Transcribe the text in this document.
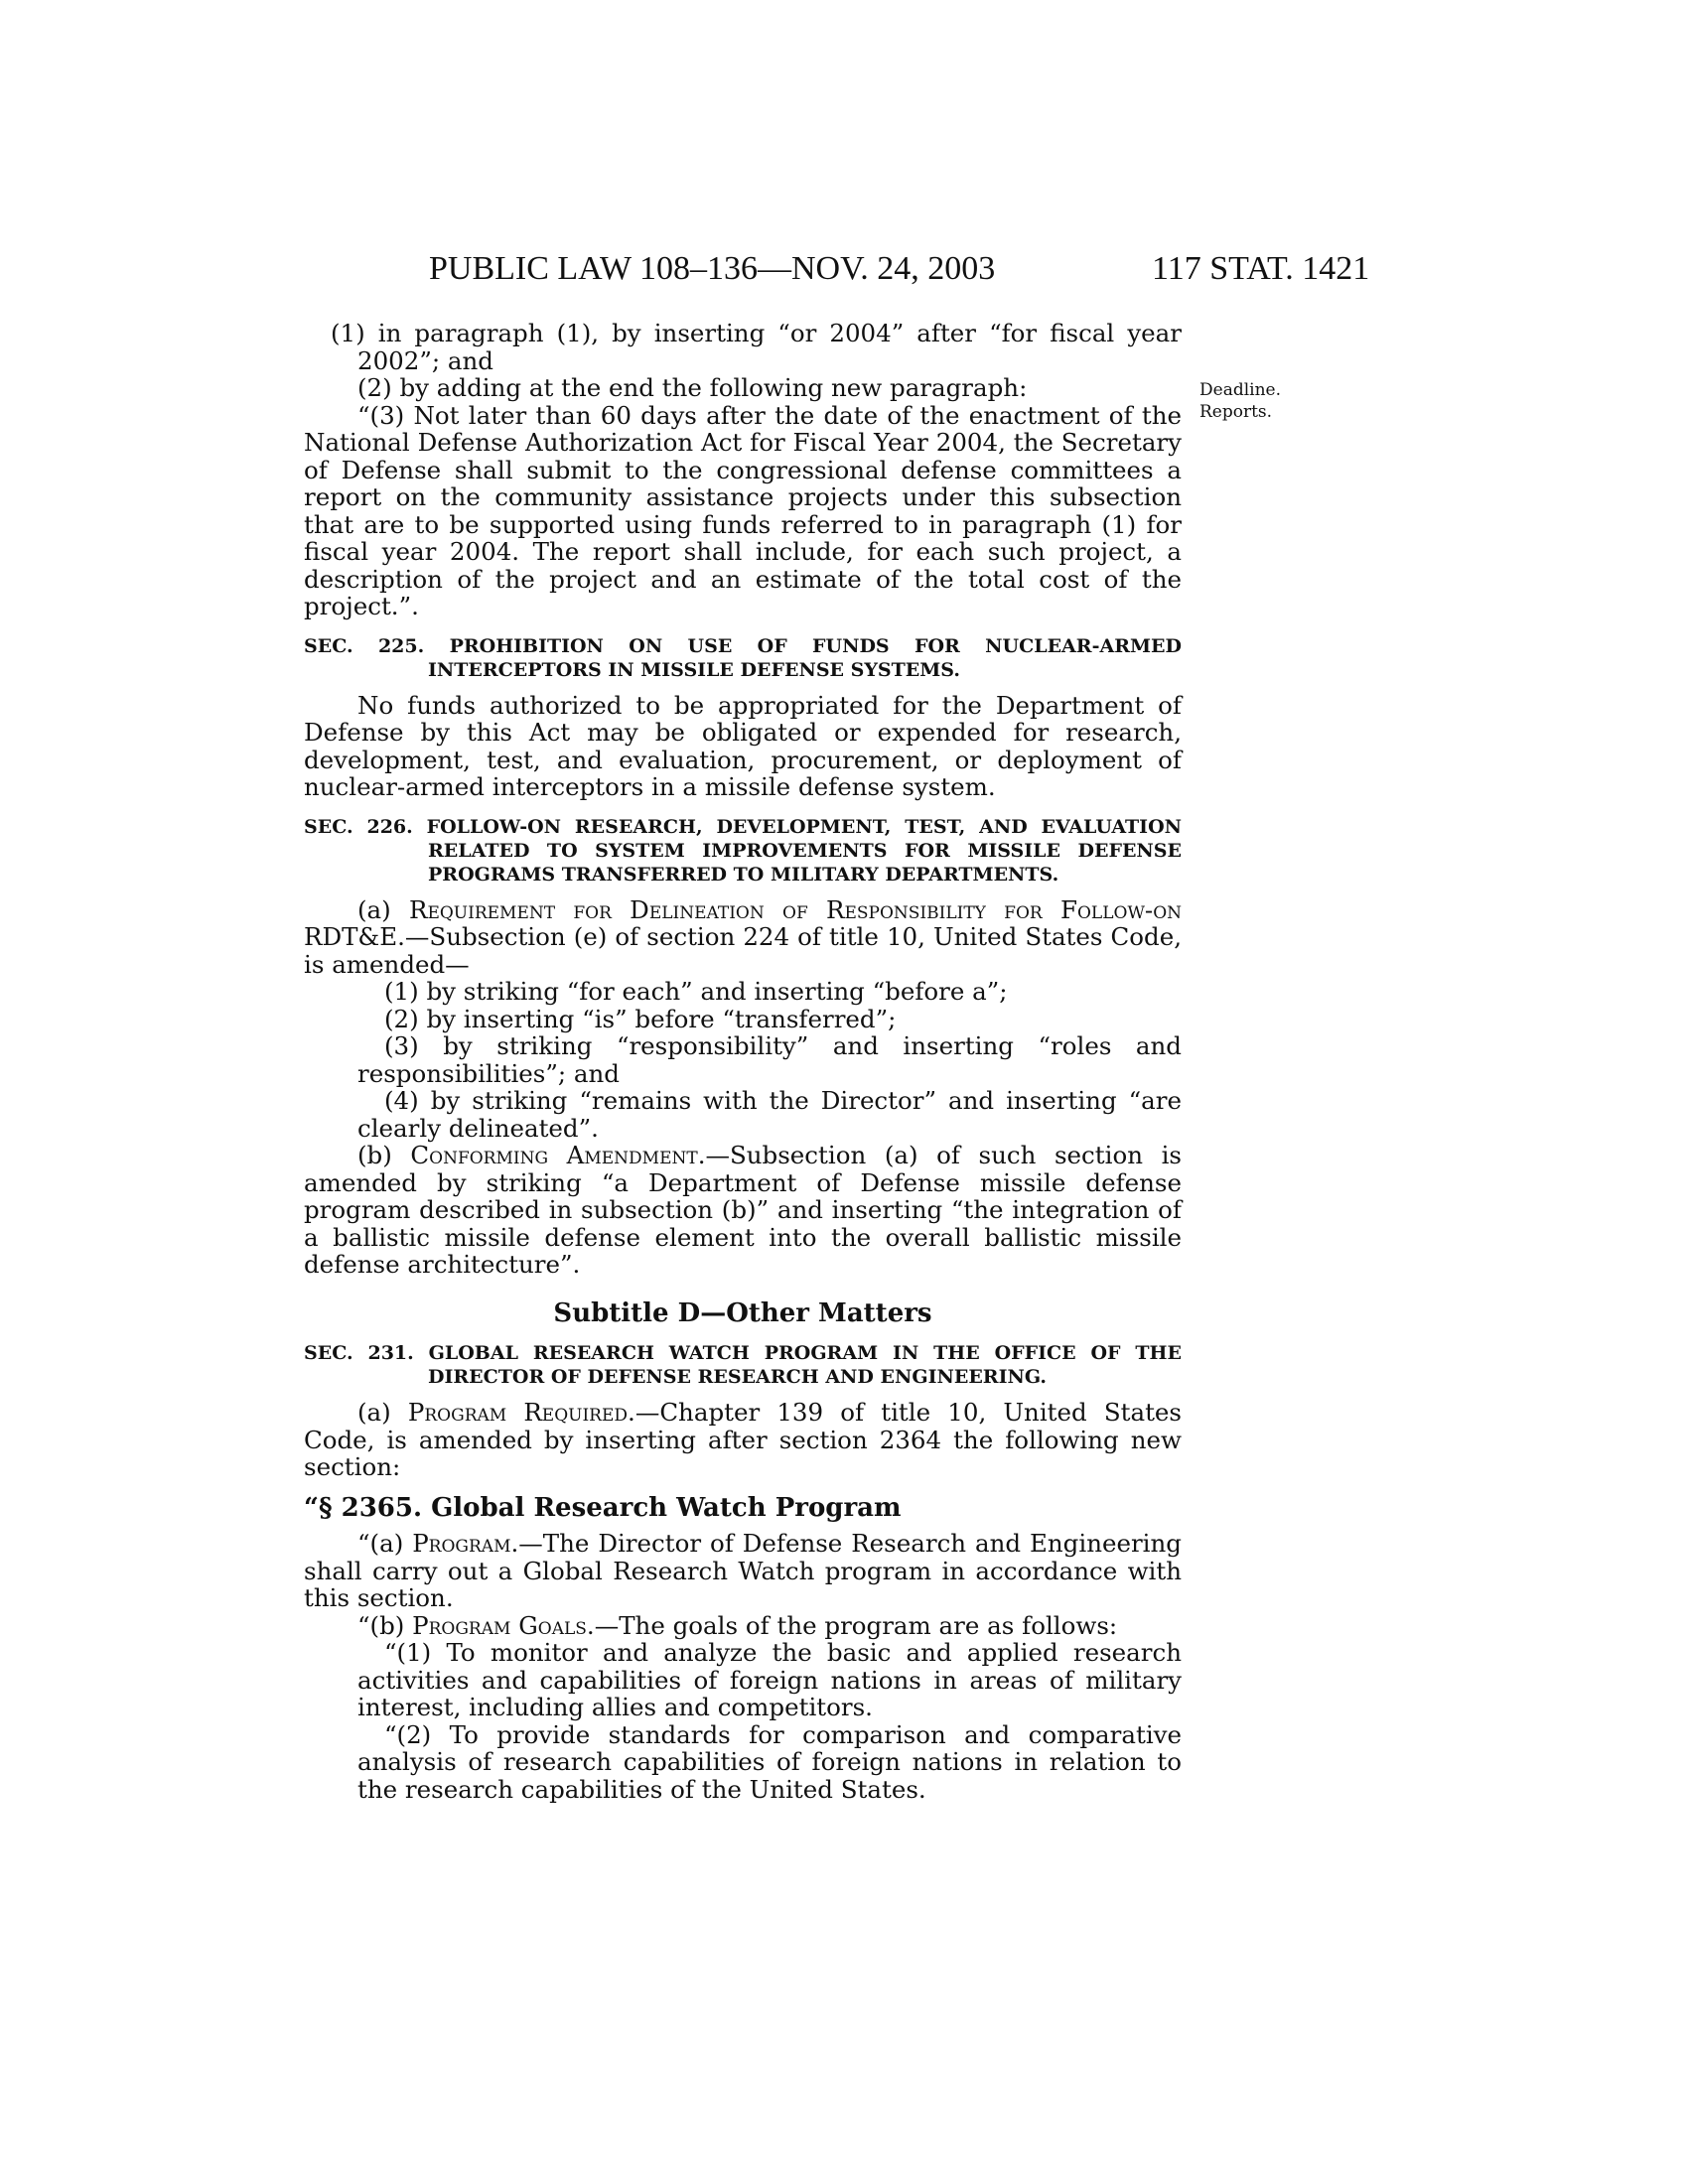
PUBLIC LAW 108–136—NOV. 24, 2003	117 STAT. 1421
Deadline.
Reports.

(1) in paragraph (1), by inserting “or 2004” after “for fiscal year 2002”; and

(2) by adding at the end the following new paragraph:

“(3) Not later than 60 days after the date of the enactment of the National Defense Authorization Act for Fiscal Year 2004, the Secretary of Defense shall submit to the congressional defense committees a report on the community assistance projects under this subsection that are to be supported using funds referred to in paragraph (1) for fiscal year 2004. The report shall include, for each such project, a description of the project and an estimate of the total cost of the project.”.

SEC. 225. PROHIBITION ON USE OF FUNDS FOR NUCLEAR-ARMED INTERCEPTORS IN MISSILE DEFENSE SYSTEMS.

No funds authorized to be appropriated for the Department of Defense by this Act may be obligated or expended for research, development, test, and evaluation, procurement, or deployment of nuclear-armed interceptors in a missile defense system.

SEC. 226. FOLLOW-ON RESEARCH, DEVELOPMENT, TEST, AND EVALUATION RELATED TO SYSTEM IMPROVEMENTS FOR MISSILE DEFENSE PROGRAMS TRANSFERRED TO MILITARY DEPARTMENTS.

(a) Requirement for Delineation of Responsibility for Follow-on RDT&E.—Subsection (e) of section 224 of title 10, United States Code, is amended—

(1) by striking “for each” and inserting “before a”;

(2) by inserting “is” before “transferred”;

(3) by striking “responsibility” and inserting “roles and responsibilities”; and

(4) by striking “remains with the Director” and inserting “are clearly delineated”.

(b) Conforming Amendment.—Subsection (a) of such section is amended by striking “a Department of Defense missile defense program described in subsection (b)” and inserting “the integration of a ballistic missile defense element into the overall ballistic missile defense architecture”.

Subtitle D—Other Matters

SEC. 231. GLOBAL RESEARCH WATCH PROGRAM IN THE OFFICE OF THE DIRECTOR OF DEFENSE RESEARCH AND ENGINEERING.

(a) Program Required.—Chapter 139 of title 10, United States Code, is amended by inserting after section 2364 the following new section:

“§ 2365. Global Research Watch Program

“(a) Program.—The Director of Defense Research and Engineering shall carry out a Global Research Watch program in accordance with this section.

“(b) Program Goals.—The goals of the program are as follows:

“(1) To monitor and analyze the basic and applied research activities and capabilities of foreign nations in areas of military interest, including allies and competitors.

“(2) To provide standards for comparison and comparative analysis of research capabilities of foreign nations in relation to the research capabilities of the United States.
